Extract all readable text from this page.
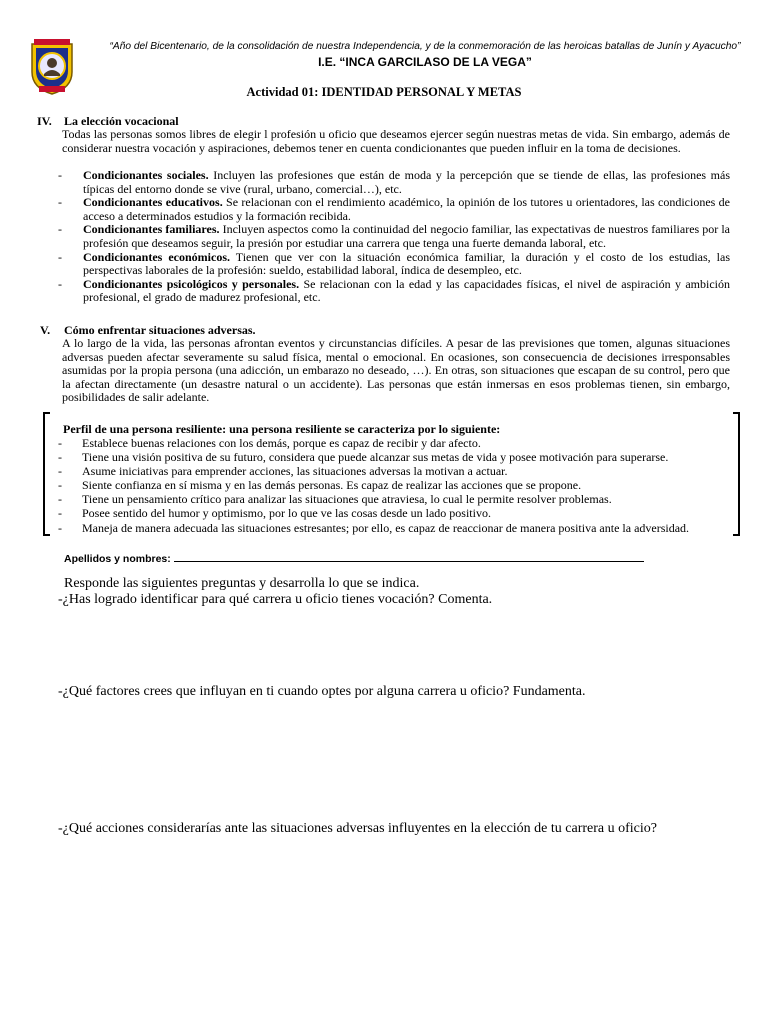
“Año del Bicentenario, de la consolidación de nuestra Independencia, y de la conmemoración de las heroicas batallas de Junín y Ayacucho”
I.E. “INCA GARCILASO DE LA VEGA”
Actividad 01: IDENTIDAD PERSONAL Y METAS
IV. La elección vocacional

Todas las personas somos libres de elegir l profesión u oficio que deseamos ejercer según nuestras metas de vida. Sin embargo, además de considerar nuestra vocación y aspiraciones, debemos tener en cuenta condicionantes que pueden influir en la toma de decisiones.

- Condicionantes sociales. Incluyen las profesiones que están de moda y la percepción que se tiende de ellas, las profesiones más típicas del entorno donde se vive (rural, urbano, comercial…), etc.
- Condicionantes educativos. Se relacionan con el rendimiento académico, la opinión de los tutores u orientadores, las condiciones de acceso a determinados estudios y la formación recibida.
- Condicionantes familiares. Incluyen aspectos como la continuidad del negocio familiar, las expectativas de nuestros familiares por la profesión que deseamos seguir, la presión por estudiar una carrera que tenga una fuerte demanda laboral, etc.
- Condicionantes económicos. Tienen que ver con la situación económica familiar, la duración y el costo de los estudias, las perspectivas laborales de la profesión: sueldo, estabilidad laboral, índica de desempleo, etc.
- Condicionantes psicológicos y personales. Se relacionan con la edad y las capacidades físicas, el nivel de aspiración y ambición profesional, el grado de madurez profesional, etc.
V. Cómo enfrentar situaciones adversas.

A lo largo de la vida, las personas afrontan eventos y circunstancias difíciles. A pesar de las previsiones que tomen, algunas situaciones adversas pueden afectar severamente su salud física, mental o emocional. En ocasiones, son consecuencia de decisiones irresponsables asumidas por la propia persona (una adicción, un embarazo no deseado, …). En otras, son situaciones que escapan de su control, pero que la afectan directamente (un desastre natural o un accidente). Las personas que están inmersas en esos problemas tienen, sin embargo, posibilidades de salir adelante.

Perfil de una persona resiliente: una persona resiliente se caracteriza por lo siguiente:
- Establece buenas relaciones con los demás, porque es capaz de recibir y dar afecto.
- Tiene una visión positiva de su futuro, considera que puede alcanzar sus metas de vida y posee motivación para superarse.
- Asume iniciativas para emprender acciones, las situaciones adversas la motivan a actuar.
- Siente confianza en sí misma y en las demás personas. Es capaz de realizar las acciones que se propone.
- Tiene un pensamiento crítico para analizar las situaciones que atraviesa, lo cual le permite resolver problemas.
- Posee sentido del humor y optimismo, por lo que ve las cosas desde un lado positivo.
- Maneja de manera adecuada las situaciones estresantes; por ello, es capaz de reaccionar de manera positiva ante la adversidad.
Apellidos y nombres:
Responde las siguientes preguntas y desarrolla lo que se indica.
-¿Has logrado identificar para qué carrera u oficio tienes vocación? Comenta.
-¿Qué factores crees que influyan en ti cuando optes por alguna carrera u oficio? Fundamenta.
-¿Qué acciones considerarías ante las situaciones adversas influyentes en la elección de tu carrera u oficio?
